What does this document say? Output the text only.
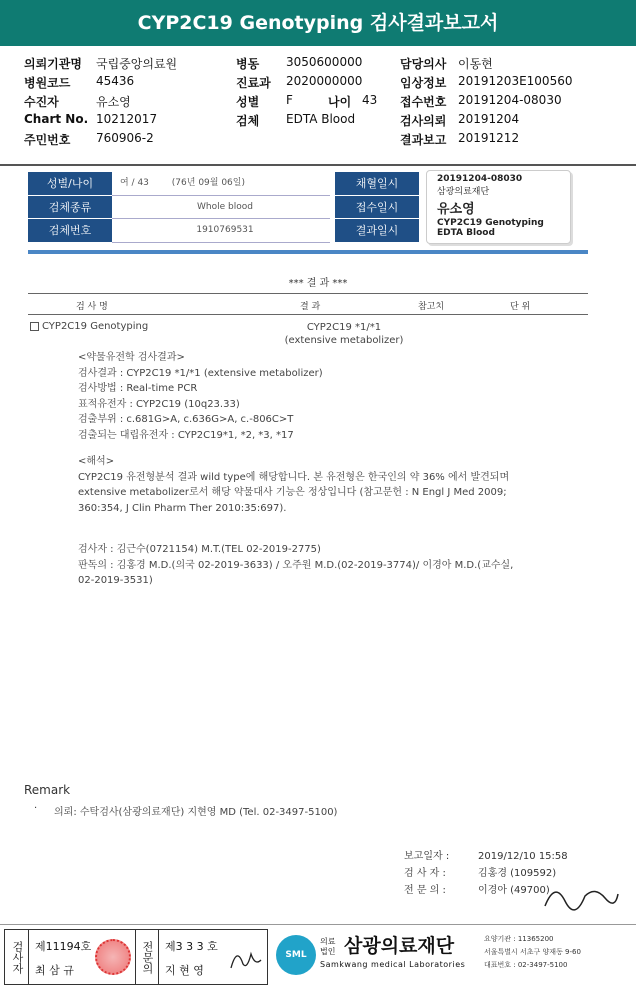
CYP2C19 Genotyping 검사결과보고서
의뢰기관명 국립중앙의료원	병동 3050600000	담당의사 이동현
병원코드 45436	진료과 2020000000	임상정보 20191203E100560
수진자	유소영	성별 F	나이 43 접수번호 20191204-08030
Chart No. 10212017	검체 EDTA Blood	검사의뢰 20191204
주민번호 760906-2	결과보고 20191212
성별/나이	여 / 43	(76년 09월 06일)
검체종류	Whole blood
검체번호	1910769531
채혈일시
접수일시
결과일시
20191204-08030
삼광의료재단
유소영
CYP2C19 Genotyping
EDTA Blood
*** 결 과 ***
검 사 명	결 과	참고치	단 위
CYP2C19 Genotyping	CYP2C19 *1/*1
(extensive metabolizer)
<약물유전학 검사결과>
검사결과 : CYP2C19 *1/*1 (extensive metabolizer)
검사방법 : Real-time PCR
표적유전자 : CYP2C19 (10q23.33)
검출부위 : c.681G>A, c.636G>A, c.-806C>T
검출되는 대립유전자 : CYP2C19*1, *2, *3, *17
<해석>
CYP2C19 유전형분석 결과 wild type에 해당합니다. 본 유전형은 한국인의 약 36% 에서 발견되며
extensive metabolizer로서 해당 약물대사 기능은 정상입니다 (참고문헌 : N Engl J Med 2009;
360:354, J Clin Pharm Ther 2010:35:697).
검사자 : 김근수(0721154) M.T.(TEL 02-2019-2775)
판독의 : 김홍경 M.D.(의국 02-2019-3633) / 오주원 M.D.(02-2019-3774)/ 이경아 M.D.(교수실,
02-2019-3531)
Remark
· 의뢰: 수탁검사(삼광의료재단) 지현영 MD (Tel. 02-3497-5100)
보고일자 :	2019/12/10 15:58
검 사 자 :	김홍경 (109592)
전 문 의 :	이경아 (49700)
검사자	제11194호
최 삼 규	전문의	제3 3 3 호
지 현 영
SML
의료법인 삼광의료재단
Samkwang medical Laboratories
요양기관 : 11365200
서울특별시 서초구 양재동 9-60
대표번호 : 02-3497-5100
